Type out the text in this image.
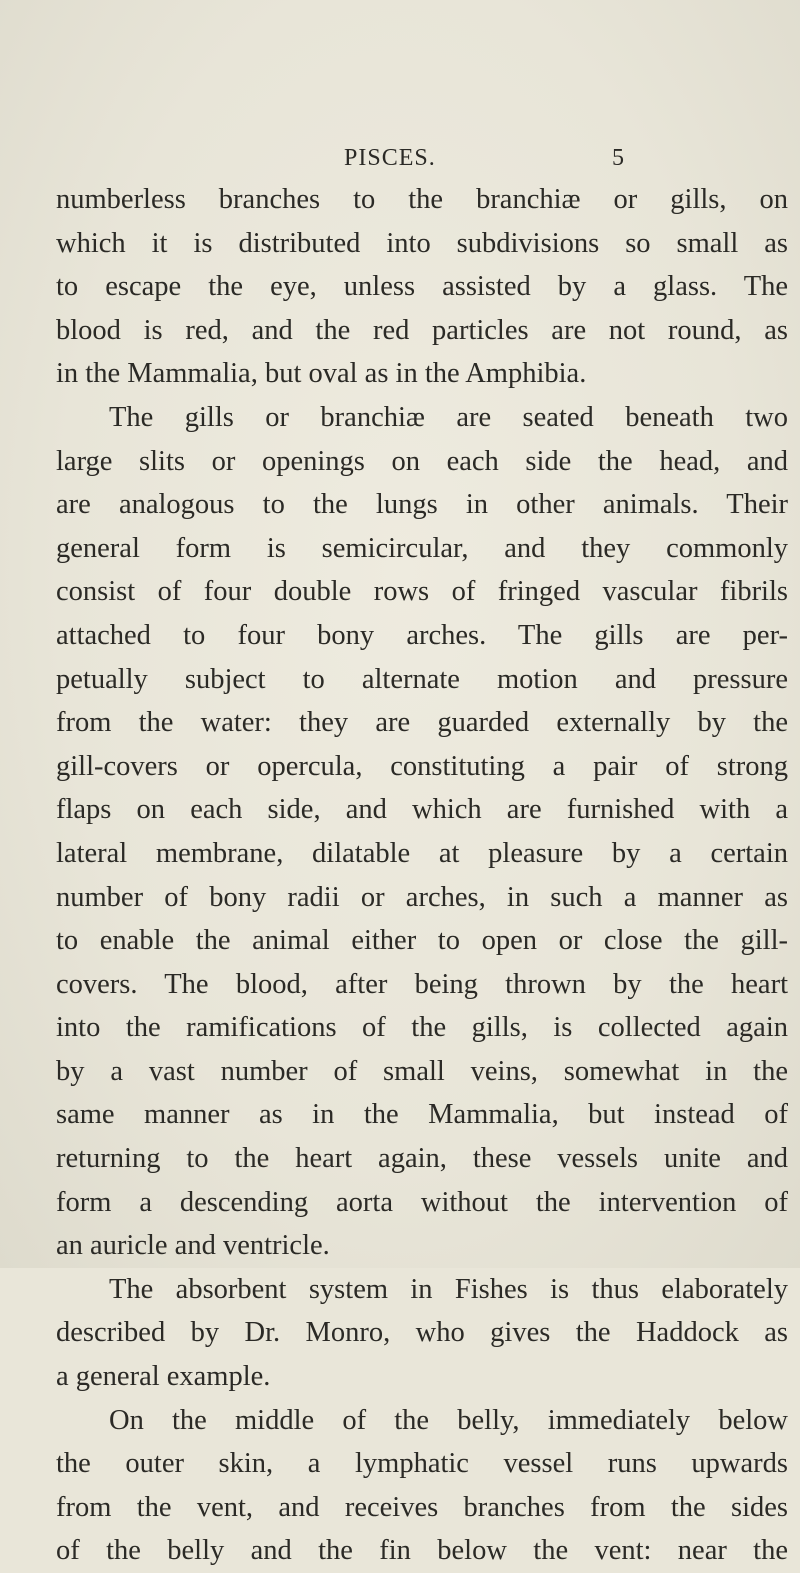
PISCES.	5
numberless branches to the branchiæ or gills, on
which it is distributed into subdivisions so small as
to escape the eye, unless assisted by a glass. The
blood is red, and the red particles are not round, as
in the Mammalia, but oval as in the Amphibia.
The gills or branchiæ are seated beneath two
large slits or openings on each side the head, and
are analogous to the lungs in other animals. Their
general form is semicircular, and they commonly
consist of four double rows of fringed vascular fibrils
attached to four bony arches. The gills are per-
petually subject to alternate motion and pressure
from the water: they are guarded externally by the
gill-covers or opercula, constituting a pair of strong
flaps on each side, and which are furnished with a
lateral membrane, dilatable at pleasure by a certain
number of bony radii or arches, in such a manner as
to enable the animal either to open or close the gill-
covers. The blood, after being thrown by the heart
into the ramifications of the gills, is collected again
by a vast number of small veins, somewhat in the
same manner as in the Mammalia, but instead of
returning to the heart again, these vessels unite and
form a descending aorta without the intervention of
an auricle and ventricle.
The absorbent system in Fishes is thus elaborately
described by Dr. Monro, who gives the Haddock as
a general example.
On the middle of the belly, immediately below
the outer skin, a lymphatic vessel runs upwards
from the vent, and receives branches from the sides
of the belly and the fin below the vent: near the
